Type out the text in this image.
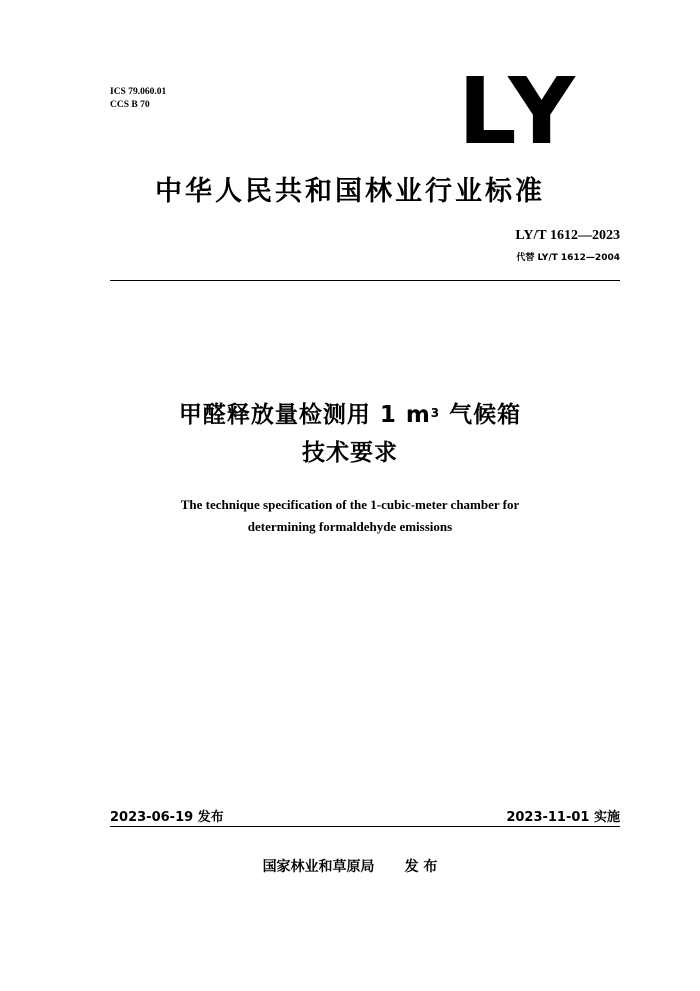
ICS 79.060.01
CCS B 70	LY
中华人民共和国林业行业标准
LY/T 1612—2023
代替 LY/T 1612—2004
甲醛释放量检测用 1 $m^3$ 气候箱
技术要求
The technique specification of the 1-cubic-meter chamber for
determining formaldehyde emissions
2023-06-19 发布	2023-11-01 实施
国家林业和草原局 发 布
